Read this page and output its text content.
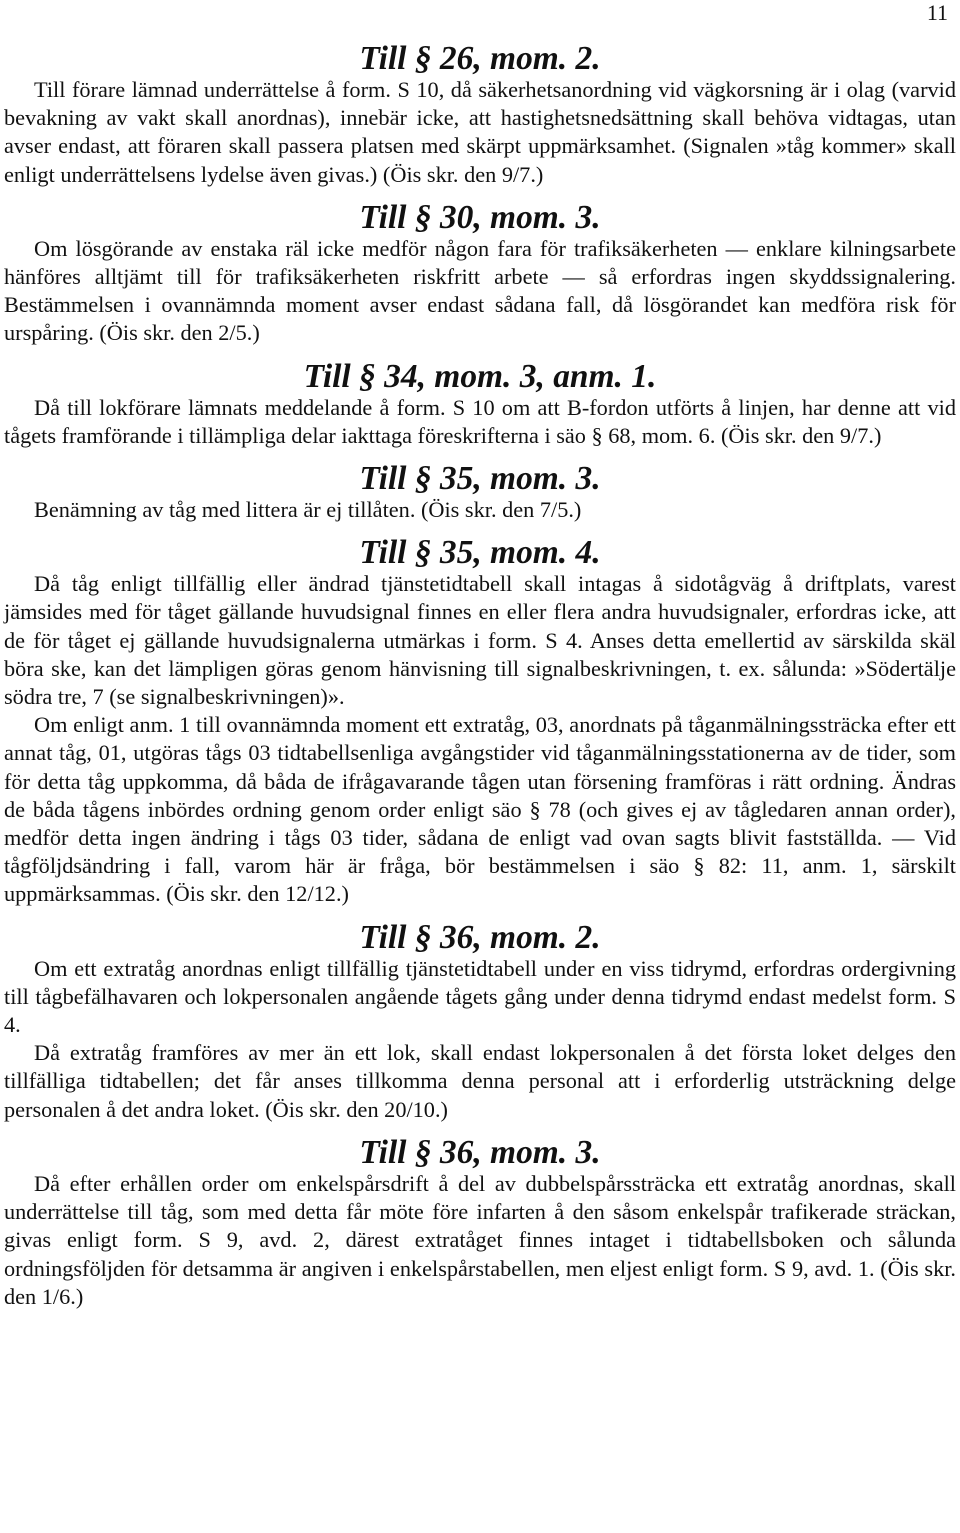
11
Till § 26, mom. 2.

Till förare lämnad underrättelse å form. S 10, då säkerhetsanordning vid vägkorsning är i olag (varvid bevakning av vakt skall anordnas), innebär icke, att hastighetsnedsättning skall behöva vidtagas, utan avser endast, att föraren skall passera platsen med skärpt uppmärksamhet. (Signalen »tåg kommer» skall enligt underrättelsens lydelse även givas.) (Öis skr. den 9/7.)

Till § 30, mom. 3.

Om lösgörande av enstaka räl icke medför någon fara för trafiksäkerheten — enklare kilningsarbete hänföres alltjämt till för trafiksäkerheten riskfritt arbete — så erfordras ingen skyddssignalering. Bestämmelsen i ovannämnda moment avser endast sådana fall, då lösgörandet kan medföra risk för urspåring. (Öis skr. den 2/5.)

Till § 34, mom. 3, anm. 1.

Då till lokförare lämnats meddelande å form. S 10 om att B-fordon utförts å linjen, har denne att vid tågets framförande i tillämpliga delar iakttaga föreskrifterna i säo § 68, mom. 6. (Öis skr. den 9/7.)

Till § 35, mom. 3.

Benämning av tåg med littera är ej tillåten. (Öis skr. den 7/5.)

Till § 35, mom. 4.

Då tåg enligt tillfällig eller ändrad tjänstetidtabell skall intagas å sidotågväg å driftplats, varest jämsides med för tåget gällande huvudsignal finnes en eller flera andra huvudsignaler, erfordras icke, att de för tåget ej gällande huvudsignalerna utmärkas i form. S 4. Anses detta emellertid av särskilda skäl böra ske, kan det lämpligen göras genom hänvisning till signalbeskrivningen, t. ex. sålunda: »Södertälje södra tre, 7 (se signalbeskrivningen)».

Om enligt anm. 1 till ovannämnda moment ett extratåg, 03, anordnats på tåganmälningssträcka efter ett annat tåg, 01, utgöras tågs 03 tidtabellsenliga avgångstider vid tåganmälningsstationerna av de tider, som för detta tåg uppkomma, då båda de ifrågavarande tågen utan försening framföras i rätt ordning. Ändras de båda tågens inbördes ordning genom order enligt säo § 78 (och gives ej av tågledaren annan order), medför detta ingen ändring i tågs 03 tider, sådana de enligt vad ovan sagts blivit fastställda. — Vid tågföljdsändring i fall, varom här är fråga, bör bestämmelsen i säo § 82: 11, anm. 1, särskilt uppmärksammas. (Öis skr. den 12/12.)

Till § 36, mom. 2.

Om ett extratåg anordnas enligt tillfällig tjänstetidtabell under en viss tidrymd, erfordras ordergivning till tågbefälhavaren och lokpersonalen angående tågets gång under denna tidrymd endast medelst form. S 4.

Då extratåg framföres av mer än ett lok, skall endast lokpersonalen å det första loket delges den tillfälliga tidtabellen; det får anses tillkomma denna personal att i erforderlig utsträckning delge personalen å det andra loket. (Öis skr. den 20/10.)

Till § 36, mom. 3.

Då efter erhållen order om enkelspårsdrift å del av dubbelspårssträcka ett extratåg anordnas, skall underrättelse till tåg, som med detta får möte före infarten å den såsom enkelspår trafikerade sträckan, givas enligt form. S 9, avd. 2, därest extratåget finnes intaget i tidtabellsboken och sålunda ordningsföljden för detsamma är angiven i enkelspårstabellen, men eljest enligt form. S 9, avd. 1. (Öis skr. den 1/6.)
